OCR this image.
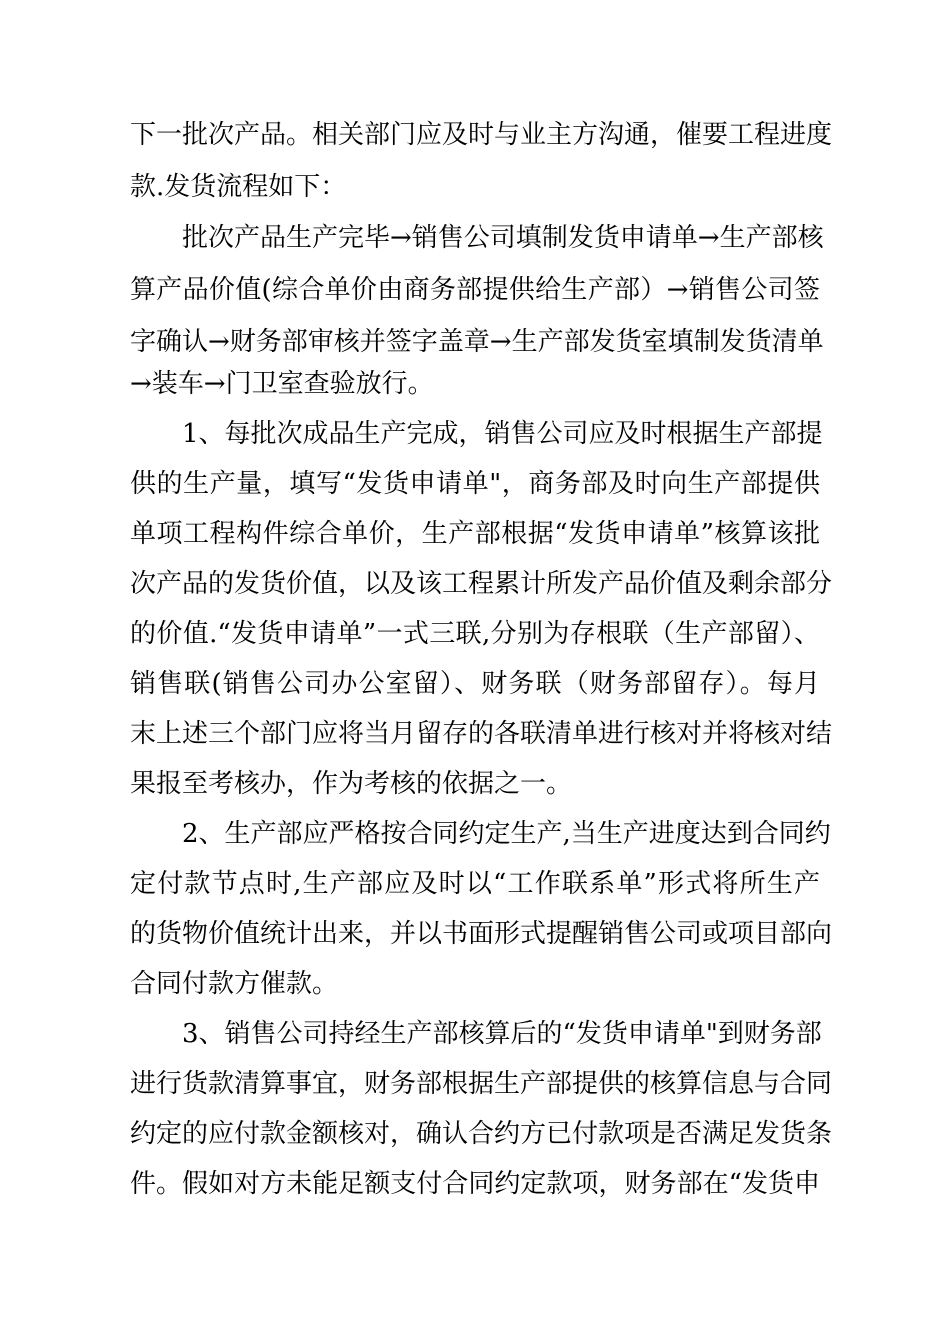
下一批次产品。相关部门应及时与业主方沟通，催要工程进度
款.发货流程如下：
批次产品生产完毕→销售公司填制发货申请单→生产部核
算产品价值(综合单价由商务部提供给生产部）→销售公司签
字确认→财务部审核并签字盖章→生产部发货室填制发货清单
→装车→门卫室查验放行。
1、每批次成品生产完成，销售公司应及时根据生产部提
供的生产量，填写“发货申请单"，商务部及时向生产部提供
单项工程构件综合单价，生产部根据“发货申请单”核算该批
次产品的发货价值，以及该工程累计所发产品价值及剩余部分
的价值.“发货申请单”一式三联,分别为存根联（生产部留）、
销售联(销售公司办公室留）、财务联（财务部留存）。每月
末上述三个部门应将当月留存的各联清单进行核对并将核对结
果报至考核办，作为考核的依据之一。
2、生产部应严格按合同约定生产,当生产进度达到合同约
定付款节点时,生产部应及时以“工作联系单”形式将所生产
的货物价值统计出来，并以书面形式提醒销售公司或项目部向
合同付款方催款。
3、销售公司持经生产部核算后的“发货申请单"到财务部
进行货款清算事宜，财务部根据生产部提供的核算信息与合同
约定的应付款金额核对，确认合约方已付款项是否满足发货条
件。假如对方未能足额支付合同约定款项，财务部在“发货申
